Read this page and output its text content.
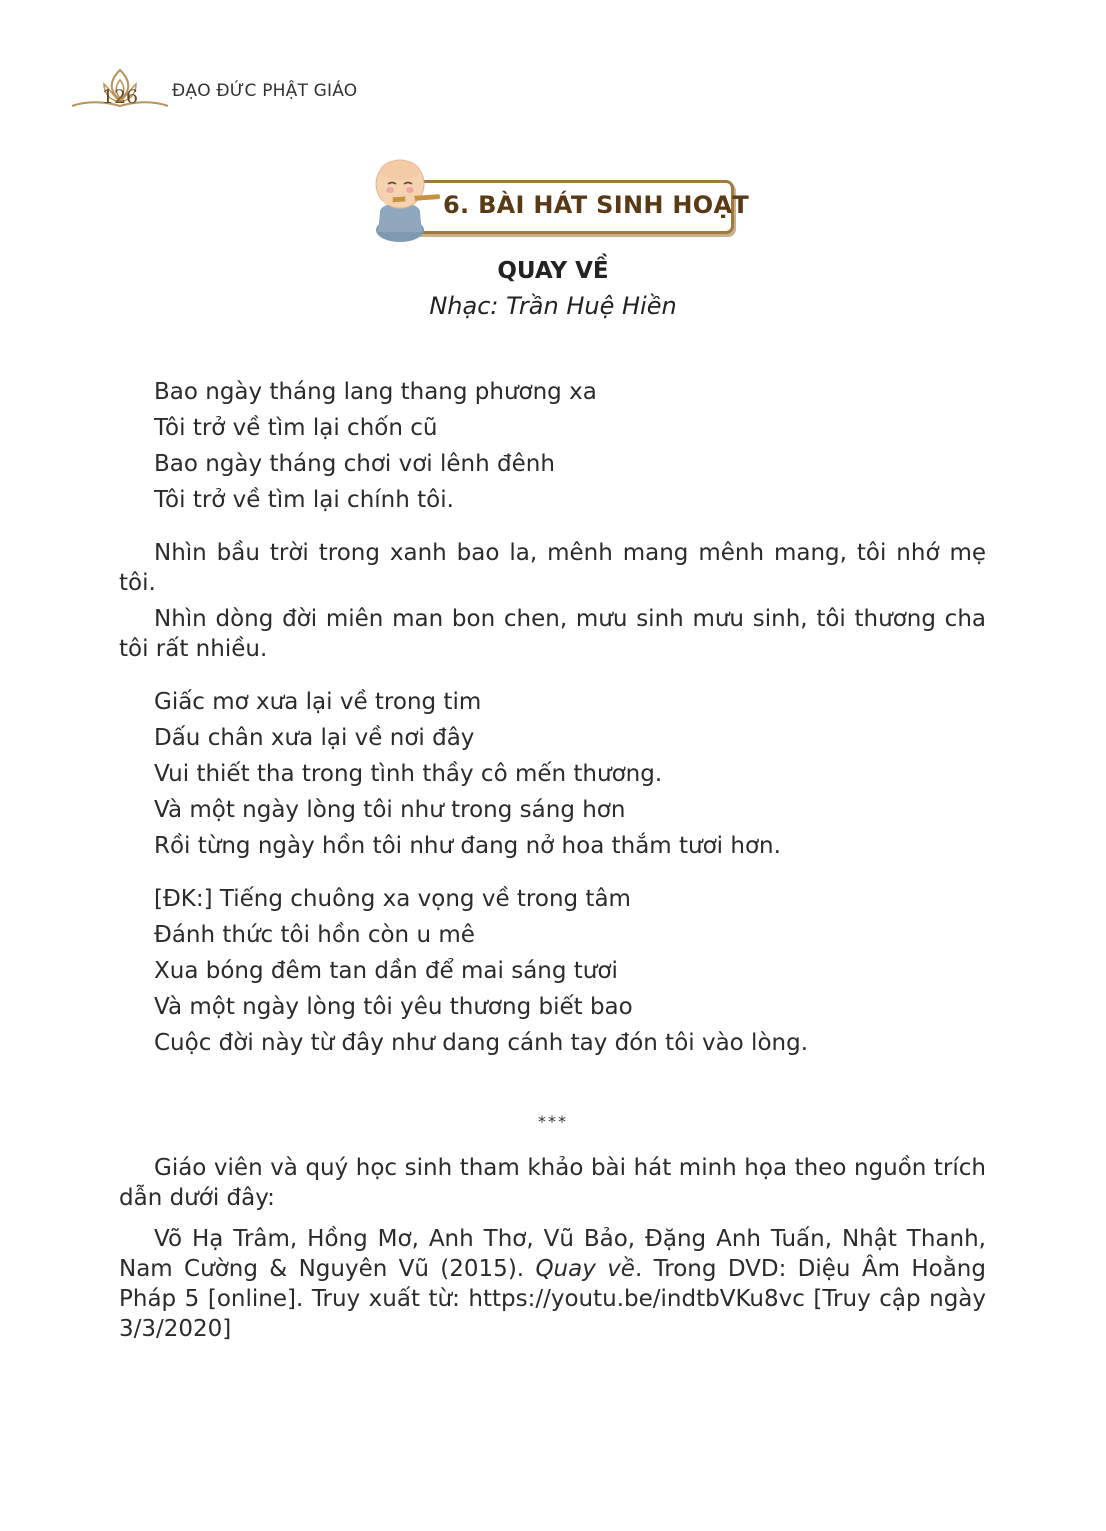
126 ĐẠO ĐỨC PHẬT GIÁO
6. BÀI HÁT SINH HOẠT
QUAY VỀ
Nhạc: Trần Huệ Hiền
Bao ngày tháng lang thang phương xa
Tôi trở về tìm lại chốn cũ
Bao ngày tháng chơi vơi lênh đênh
Tôi trở về tìm lại chính tôi.
Nhìn bầu trời trong xanh bao la, mênh mang mênh mang, tôi nhớ mẹ tôi.
Nhìn dòng đời miên man bon chen, mưu sinh mưu sinh, tôi thương cha tôi rất nhiều.
Giấc mơ xưa lại về trong tim
Dấu chân xưa lại về nơi đây
Vui thiết tha trong tình thầy cô mến thương.
Và một ngày lòng tôi như trong sáng hơn
Rồi từng ngày hồn tôi như đang nở hoa thắm tươi hơn.
[ĐK:] Tiếng chuông xa vọng về trong tâm
Đánh thức tôi hồn còn u mê
Xua bóng đêm tan dần để mai sáng tươi
Và một ngày lòng tôi yêu thương biết bao
Cuộc đời này từ đây như dang cánh tay đón tôi vào lòng.
***
Giáo viên và quý học sinh tham khảo bài hát minh họa theo nguồn trích dẫn dưới đây:
Võ Hạ Trâm, Hồng Mơ, Anh Thơ, Vũ Bảo, Đặng Anh Tuấn, Nhật Thanh, Nam Cường & Nguyên Vũ (2015). Quay về. Trong DVD: Diệu Âm Hoằng Pháp 5 [online]. Truy xuất từ: https://youtu.be/indtbVKu8vc [Truy cập ngày 3/3/2020]
